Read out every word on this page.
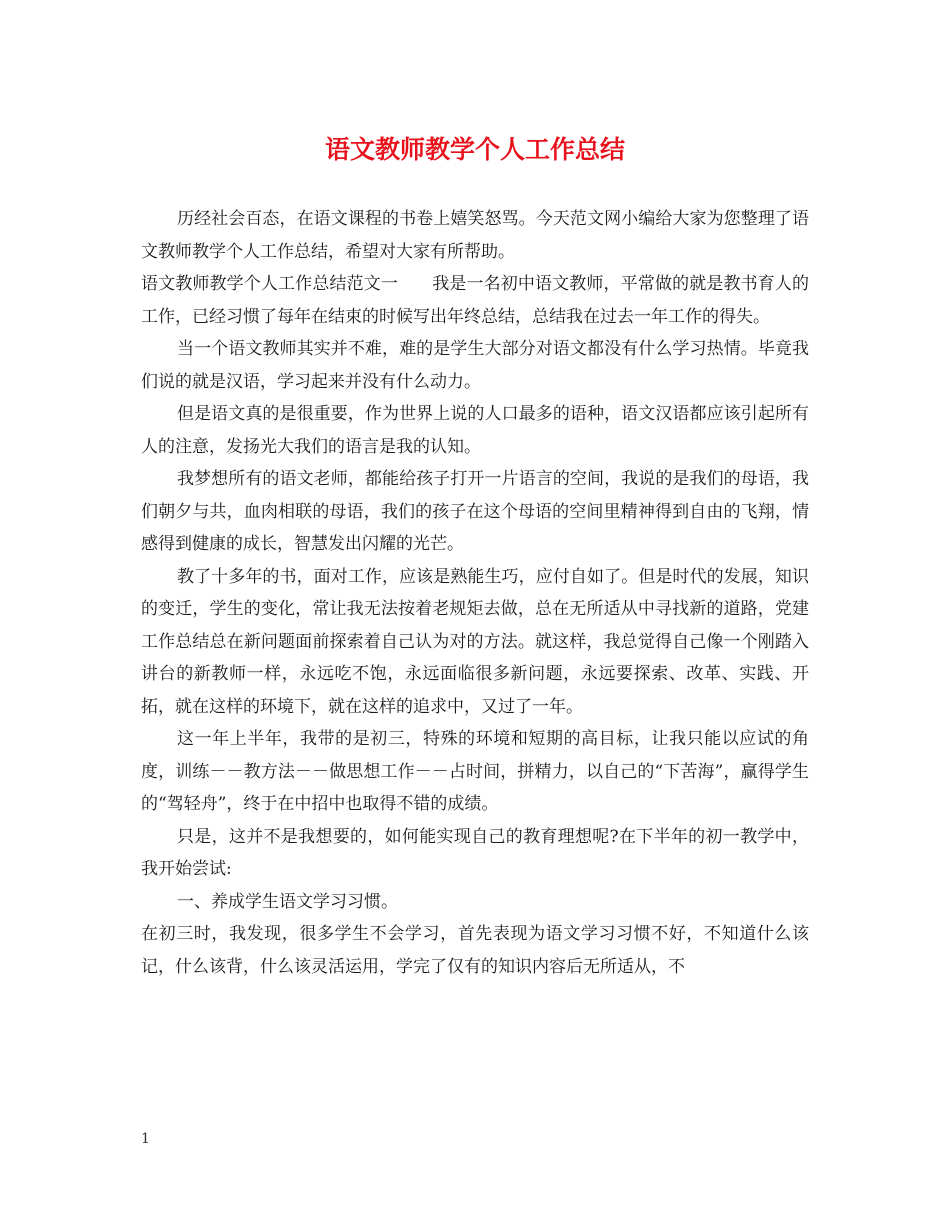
语文教师教学个人工作总结

历经社会百态，在语文课程的书卷上嬉笑怒骂。今天范文网小编给大家为您整理了语文教师教学个人工作总结，希望对大家有所帮助。

语文教师教学个人工作总结范文一　　我是一名初中语文教师，平常做的就是教书育人的工作，已经习惯了每年在结束的时候写出年终总结，总结我在过去一年工作的得失。

当一个语文教师其实并不难，难的是学生大部分对语文都没有什么学习热情。毕竟我们说的就是汉语，学习起来并没有什么动力。

但是语文真的是很重要，作为世界上说的人口最多的语种，语文汉语都应该引起所有人的注意，发扬光大我们的语言是我的认知。

我梦想所有的语文老师，都能给孩子打开一片语言的空间，我说的是我们的母语，我们朝夕与共，血肉相联的母语，我们的孩子在这个母语的空间里精神得到自由的飞翔，情感得到健康的成长，智慧发出闪耀的光芒。

教了十多年的书，面对工作，应该是熟能生巧，应付自如了。但是时代的发展，知识的变迁，学生的变化，常让我无法按着老规矩去做，总在无所适从中寻找新的道路，党建工作总结总在新问题面前探索着自己认为对的方法。就这样，我总觉得自己像一个刚踏入讲台的新教师一样，永远吃不饱，永远面临很多新问题，永远要探索、改革、实践、开拓，就在这样的环境下，就在这样的追求中，又过了一年。

这一年上半年，我带的是初三，特殊的环境和短期的高目标，让我只能以应试的角度，训练－－教方法－－做思想工作－－占时间，拼精力，以自己的“下苦海”，赢得学生的“驾轻舟”，终于在中招中也取得不错的成绩。

只是，这并不是我想要的，如何能实现自己的教育理想呢?在下半年的初一教学中，我开始尝试:

一、养成学生语文学习习惯。

在初三时，我发现，很多学生不会学习，首先表现为语文学习习惯不好，不知道什么该记，什么该背，什么该灵活运用，学完了仅有的知识内容后无所适从，不

1
